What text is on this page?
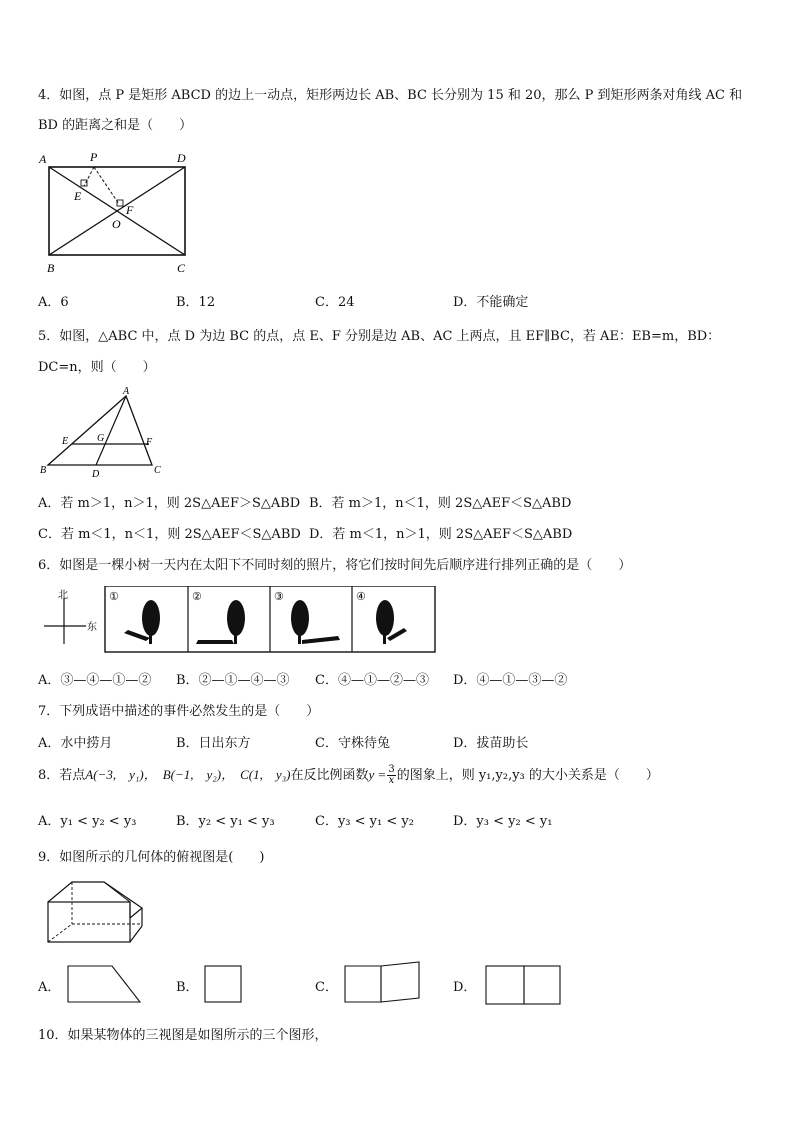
4．如图，点 P 是矩形 ABCD 的边上一动点，矩形两边长 AB、BC 长分别为 15 和 20，那么 P 到矩形两条对角线 AC 和
BD 的距离之和是（　　）
A	P	D
E
F
O
B	C
A．6	B．12	C．24	D．不能确定
5．如图，△ABC 中，点 D 为边 BC 的点，点 E、F 分别是边 AB、AC 上两点，且 EF∥BC，若 AE：EB=m，BD：
DC=n，则（　　）
A
E	G	F
B	D	C
A．若 m＞1，n＞1，则 2S△AEF＞S△ABD B．若 m＞1，n＜1，则 2S△AEF＜S△ABD
C．若 m＜1，n＜1，则 2S△AEF＜S△ABD D．若 m＜1，n＞1，则 2S△AEF＜S△ABD
6．如图是一棵小树一天内在太阳下不同时刻的照片，将它们按时间先后顺序进行排列正确的是（　　）
北
东
①	②	③	④
A．③—④—①—② B．②—①—④—③ C．④—①—②—③ D．④—①—③—②
7．下列成语中描述的事件必然发生的是（　　）
A．水中捞月	B．日出东方	C．守株待兔	D．拔苗助长
8．若点A(−3,　y₁)， B(−1,　y₂)， C(1,　y₃)在反比例函数$y = \frac{3}{x}$ 的图象上，则 y₁,y₂,y₃ 的大小关系是（　　）
A．y₁ < y₂ < y₃	B．y₂ < y₁ < y₃	C．y₃ < y₁ < y₂	D．y₃ < y₂ < y₁
9．如图所示的几何体的俯视图是(　　)
A．	B．	C．	D．
10．如果某物体的三视图是如图所示的三个图形，
